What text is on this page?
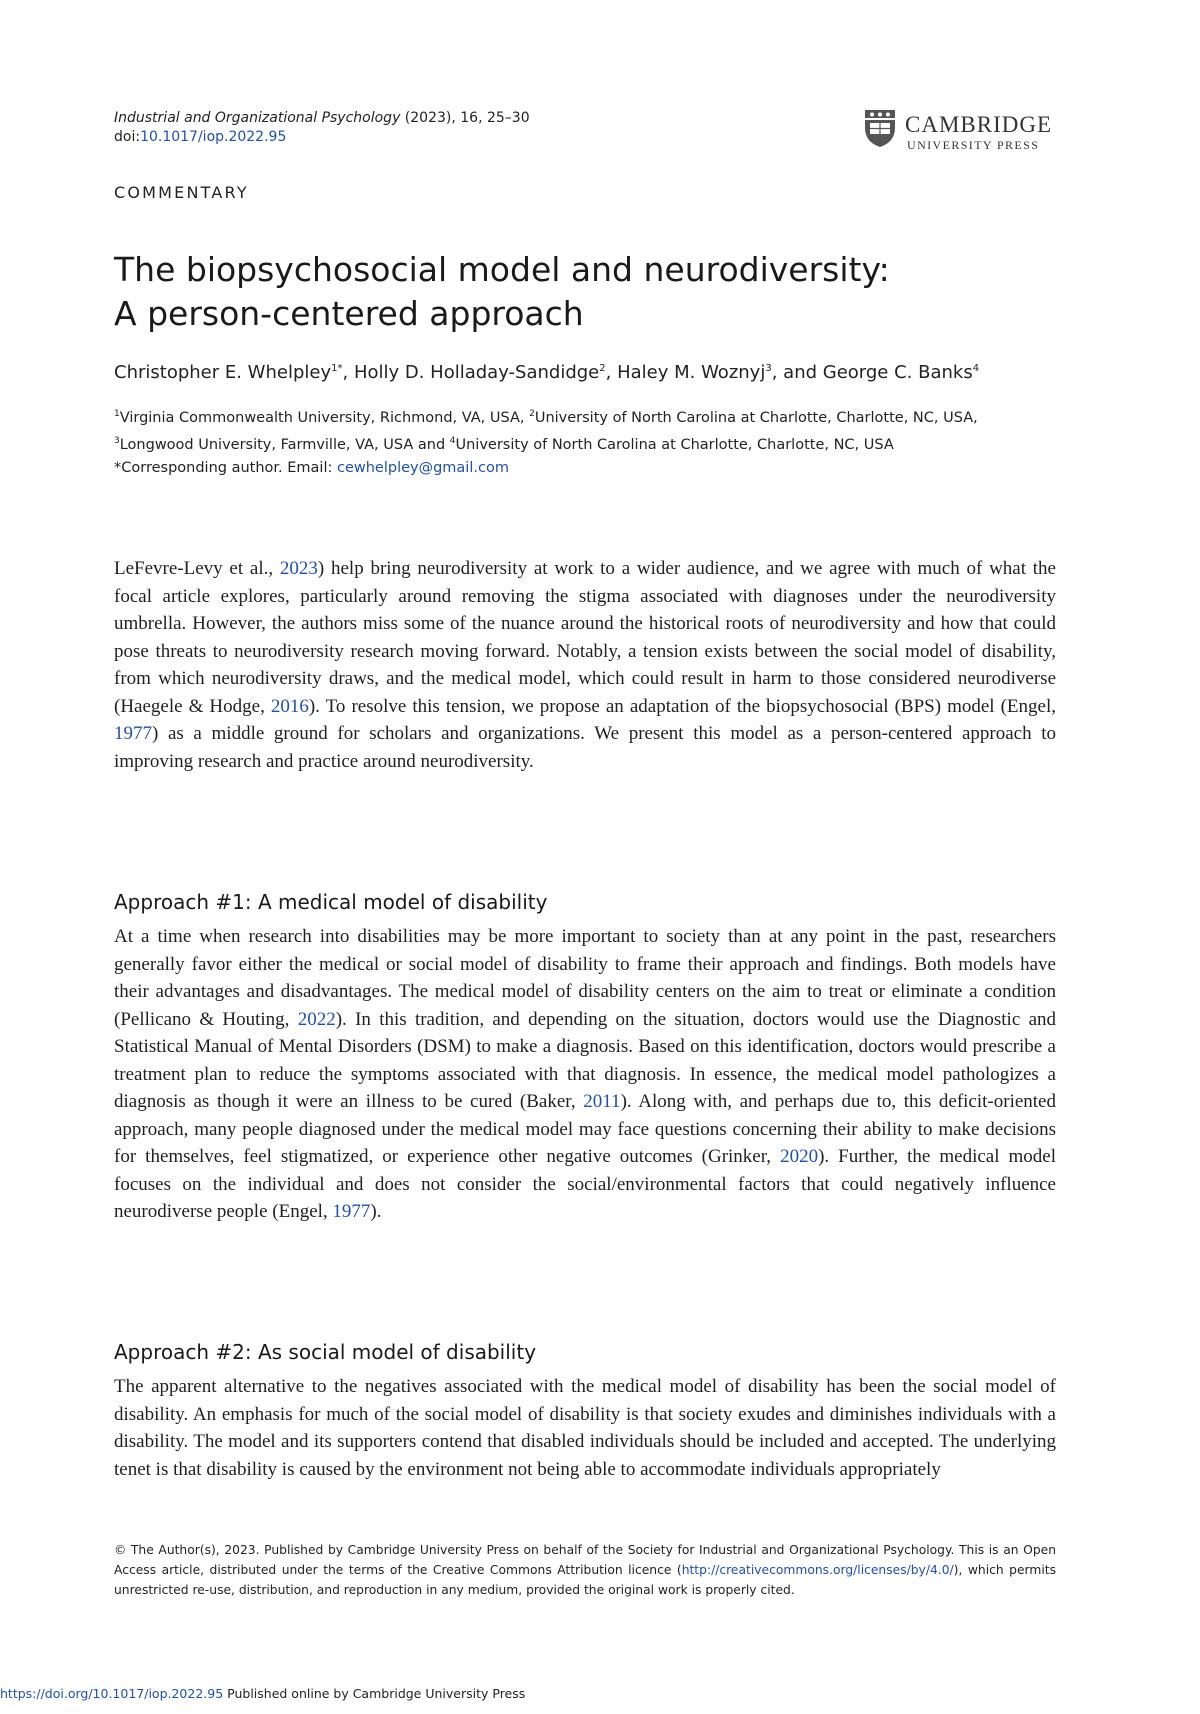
Industrial and Organizational Psychology (2023), 16, 25–30
doi:10.1017/iop.2022.95	CAMBRIDGE
UNIVERSITY PRESS
COMMENTARY
The biopsychosocial model and neurodiversity:
A person-centered approach
Christopher E. Whelpley$^{1*}$, Holly D. Holladay-Sandidge$^2$, Haley M. Woznyj$^3$, and George C. Banks$^4$
$^1$Virginia Commonwealth University, Richmond, VA, USA, $^2$University of North Carolina at Charlotte, Charlotte, NC, USA,
$^3$Longwood University, Farmville, VA, USA and $^4$University of North Carolina at Charlotte, Charlotte, NC, USA
*Corresponding author. Email: cewhelpley@gmail.com

LeFevre-Levy et al., 2023) help bring neurodiversity at work to a wider audience, and we agree with much of what the focal article explores, particularly around removing the stigma associated with diagnoses under the neurodiversity umbrella. However, the authors miss some of the nuance around the historical roots of neurodiversity and how that could pose threats to neurodiversity research moving forward. Notably, a tension exists between the social model of disability, from which neurodiversity draws, and the medical model, which could result in harm to those considered neurodiverse (Haegele & Hodge, 2016). To resolve this tension, we propose an adaptation of the biopsychosocial (BPS) model (Engel, 1977) as a middle ground for scholars and organizations. We present this model as a person-centered approach to improving research and practice around neurodiversity.

Approach #1: A medical model of disability

At a time when research into disabilities may be more important to society than at any point in the past, researchers generally favor either the medical or social model of disability to frame their approach and findings. Both models have their advantages and disadvantages. The medical model of disability centers on the aim to treat or eliminate a condition (Pellicano & Houting, 2022). In this tradition, and depending on the situation, doctors would use the Diagnostic and Statistical Manual of Mental Disorders (DSM) to make a diagnosis. Based on this identification, doctors would prescribe a treatment plan to reduce the symptoms associated with that diagnosis. In essence, the medical model pathologizes a diagnosis as though it were an illness to be cured (Baker, 2011). Along with, and perhaps due to, this deficit-oriented approach, many people diagnosed under the medical model may face questions concerning their ability to make decisions for themselves, feel stigmatized, or experience other negative outcomes (Grinker, 2020). Further, the medical model focuses on the individual and does not consider the social/environmental factors that could negatively influence neurodiverse people (Engel, 1977).

Approach #2: As social model of disability

The apparent alternative to the negatives associated with the medical model of disability has been the social model of disability. An emphasis for much of the social model of disability is that society exudes and diminishes individuals with a disability. The model and its supporters contend that disabled individuals should be included and accepted. The underlying tenet is that disability is caused by the environment not being able to accommodate individuals appropriately

© The Author(s), 2023. Published by Cambridge University Press on behalf of the Society for Industrial and Organizational Psychology. This is an Open Access article, distributed under the terms of the Creative Commons Attribution licence (http://creativecommons.org/licenses/by/4.0/), which permits unrestricted re-use, distribution, and reproduction in any medium, provided the original work is properly cited.
https://doi.org/10.1017/iop.2022.95 Published online by Cambridge University Press
